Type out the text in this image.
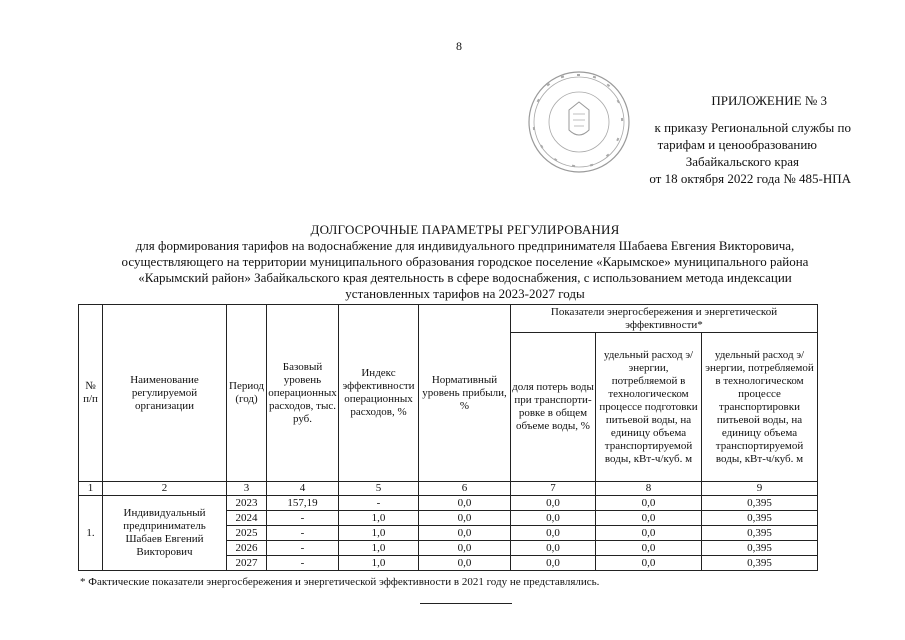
8
ПРИЛОЖЕНИЕ № 3
к приказу Региональной службы по
тарифам и ценообразованию
Забайкальского края
от 18 октября 2022 года № 485-НПА
ДОЛГОСРОЧНЫЕ ПАРАМЕТРЫ РЕГУЛИРОВАНИЯ
для формирования тарифов на водоснабжение для индивидуального предпринимателя Шабаева Евгения Викторовича,
осуществляющего на территории муниципального образования городское поселение «Карымское» муниципального района
«Карымский район» Забайкальского края деятельность в сфере водоснабжения, с использованием метода индексации
установленных тарифов на 2023-2027 годы
№ п/п	Наименование регулируемой организации	Период (год)	Базовый уровень операционных расходов, тыс. руб.	Индекс эффективности операционных расходов, %	Нормативный уровень прибыли, %	Показатели энергосбережения и энергетической эффективности*		
						доля потерь воды при транспорти-ровке в общем объеме воды, %	удельный расход э/энергии, потребляемой в технологическом процессе подготовки питьевой воды, на единицу объема транспортируемой воды, кВт-ч/куб. м	удельный расход э/энергии, потребляемой в технологическом процессе транспортировки питьевой воды, на единицу объема транспортируемой воды, кВт-ч/куб. м
1	2	3	4	5	6	7	8	9
1.	Индивидуальный предприниматель Шабаев Евгений Викторович	2023	157,19	-	0,0	0,0	0,0	0,395
		2024	-	1,0	0,0	0,0	0,0	0,395
		2025	-	1,0	0,0	0,0	0,0	0,395
		2026	-	1,0	0,0	0,0	0,0	0,395
		2027	-	1,0	0,0	0,0	0,0	0,395
* Фактические показатели энергосбережения и энергетической эффективности в 2021 году не представлялись.
